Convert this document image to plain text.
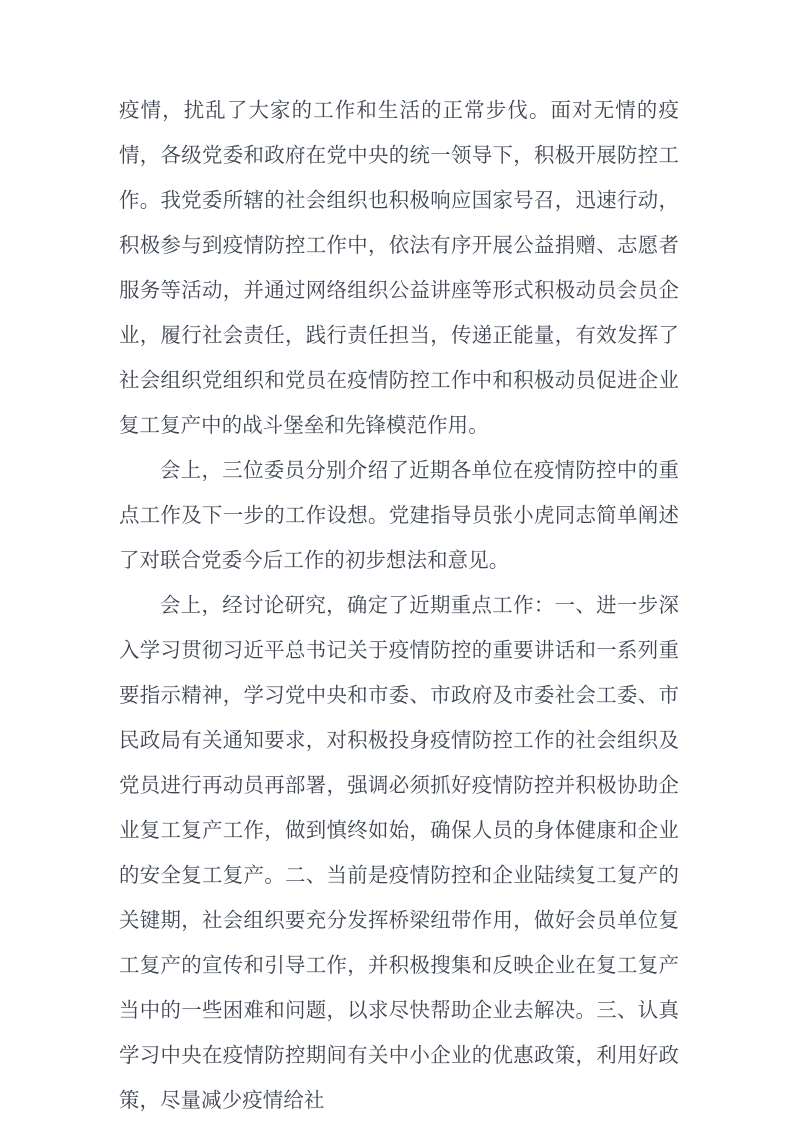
疫情，扰乱了大家的工作和生活的正常步伐。面对无情的疫情，各级党委和政府在党中央的统一领导下，积极开展防控工作。我党委所辖的社会组织也积极响应国家号召，迅速行动，积极参与到疫情防控工作中，依法有序开展公益捐赠、志愿者服务等活动，并通过网络组织公益讲座等形式积极动员会员企业，履行社会责任，践行责任担当，传递正能量，有效发挥了社会组织党组织和党员在疫情防控工作中和积极动员促进企业复工复产中的战斗堡垒和先锋模范作用。

会上，三位委员分别介绍了近期各单位在疫情防控中的重点工作及下一步的工作设想。党建指导员张小虎同志简单阐述了对联合党委今后工作的初步想法和意见。

会上，经讨论研究，确定了近期重点工作：一、进一步深入学习贯彻习近平总书记关于疫情防控的重要讲话和一系列重要指示精神，学习党中央和市委、市政府及市委社会工委、市民政局有关通知要求，对积极投身疫情防控工作的社会组织及党员进行再动员再部署，强调必须抓好疫情防控并积极协助企业复工复产工作，做到慎终如始，确保人员的身体健康和企业的安全复工复产。二、当前是疫情防控和企业陆续复工复产的关键期，社会组织要充分发挥桥梁纽带作用，做好会员单位复工复产的宣传和引导工作，并积极搜集和反映企业在复工复产当中的一些困难和问题，以求尽快帮助企业去解决。三、认真学习中央在疫情防控期间有关中小企业的优惠政策，利用好政策，尽量减少疫情给社
